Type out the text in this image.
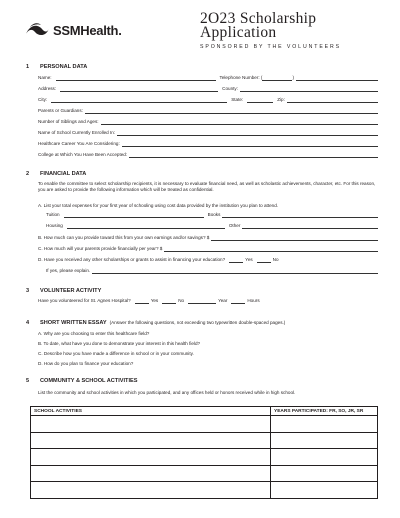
SSMHealth.
2O23 Scholarship
Application
SPONSORED BY THE VOLUNTEERS
1	PERSONAL DATA
Name:	Telephone Number: (	)
Address:	County:
City:	State:	Zip:
Parents or Guardians:
Number of Siblings and Ages:
Name of School Currently Enrolled In:
Healthcare Career You Are Considering:
College at Which You Have Been Accepted:
2	FINANCIAL DATA
To enable the committee to select scholarship recipients, it is necessary to evaluate financial need, as well as scholastic achievements, character, etc. For this reason, you are asked to provide the following information which will be treated as confidential.
A. List your total expenses for your first year of schooling using cost data provided by the institution you plan to attend.
Tuition	Books
Housing	Other
B. How much can you provide toward this from your own earnings and/or savings? $
C. How much will your parents provide financially per year? $
D. Have you received any other scholarships or grants to assist in financing your education?	Yes	No
If yes, please explain.
3	VOLUNTEER ACTIVITY
Have you volunteered for St. Agnes Hospital?	Yes	No	Year	Hours
4	SHORT WRITTEN ESSAY (Answer the following questions, not exceeding two typewritten double-spaced pages.)
A. Why are you choosing to enter this healthcare field?
B. To date, what have you done to demonstrate your interest in this health field?
C. Describe how you have made a difference in school or in your community.
D. How do you plan to finance your education?
5	COMMUNITY & SCHOOL ACTIVITIES
List the community and school activities in which you participated, and any offices held or honors received while in high school.
SCHOOL ACTIVITIES	YEARS PARTICIPATED: FR, SO, JR, SR
